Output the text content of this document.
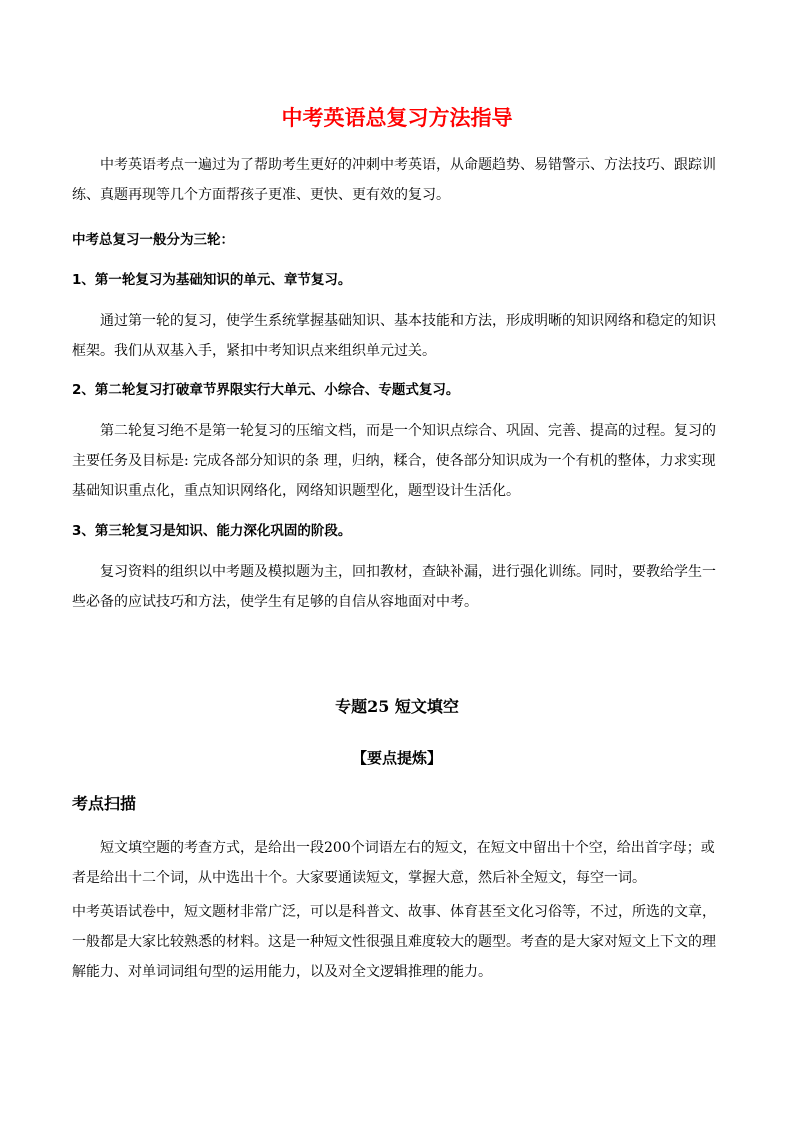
中考英语总复习方法指导

中考英语考点一遍过为了帮助考生更好的冲刺中考英语，从命题趋势、易错警示、方法技巧、跟踪训练、真题再现等几个方面帮孩子更准、更快、更有效的复习。

中考总复习一般分为三轮：

1、第一轮复习为基础知识的单元、章节复习。

通过第一轮的复习，使学生系统掌握基础知识、基本技能和方法，形成明晰的知识网络和稳定的知识框架。我们从双基入手，紧扣中考知识点来组织单元过关。

2、第二轮复习打破章节界限实行大单元、小综合、专题式复习。

第二轮复习绝不是第一轮复习的压缩文档，而是一个知识点综合、巩固、完善、提高的过程。复习的主要任务及目标是: 完成各部分知识的条 理，归纳，糅合，使各部分知识成为一个有机的整体，力求实现基础知识重点化，重点知识网络化，网络知识题型化，题型设计生活化。

3、第三轮复习是知识、能力深化巩固的阶段。

复习资料的组织以中考题及模拟题为主，回扣教材，查缺补漏，进行强化训练。同时，要教给学生一些必备的应试技巧和方法，使学生有足够的自信从容地面对中考。

专题25 短文填空
【要点提炼】
考点扫描

短文填空题的考查方式，是给出一段200个词语左右的短文，在短文中留出十个空，给出首字母；或者是给出十二个词，从中选出十个。大家要通读短文，掌握大意，然后补全短文，每空一词。

中考英语试卷中，短文题材非常广泛，可以是科普文、故事、体育甚至文化习俗等，不过，所选的文章，一般都是大家比较熟悉的材料。这是一种短文性很强且难度较大的题型。考查的是大家对短文上下文的理解能力、对单词词组句型的运用能力，以及对全文逻辑推理的能力。
